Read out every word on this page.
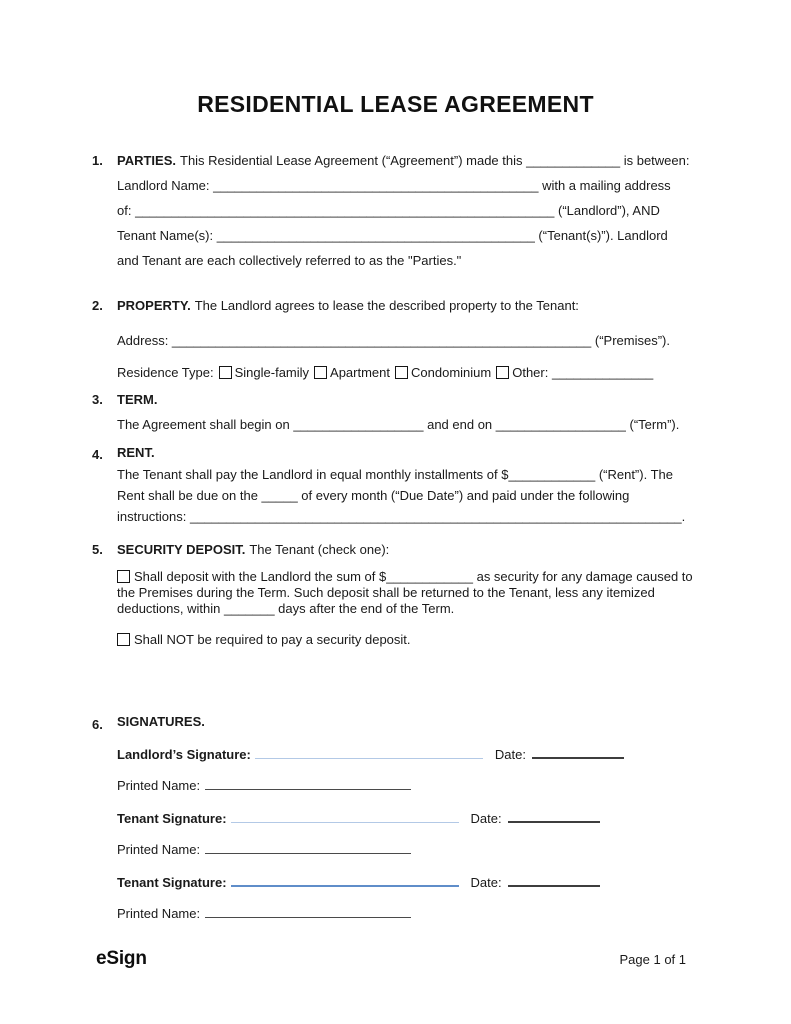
RESIDENTIAL LEASE AGREEMENT
1.	PARTIES. This Residential Lease Agreement (“Agreement”) made this _____________ is between:
Landlord Name: _____________________________________________ with a mailing address
of: __________________________________________________________ (“Landlord”), AND
Tenant Name(s): ____________________________________________ (“Tenant(s)”). Landlord
and Tenant are each collectively referred to as the "Parties."
2.	PROPERTY. The Landlord agrees to lease the described property to the Tenant:
Address: __________________________________________________________ (“Premises”).
Residence Type: Single-family Apartment Condominium Other: ______________
3.	TERM.
The Agreement shall begin on __________________ and end on __________________ (“Term”).
4.	RENT.
The Tenant shall pay the Landlord in equal monthly installments of $____________ (“Rent”). The
Rent shall be due on the _____ of every month (“Due Date”) and paid under the following
instructions: ____________________________________________________________________.
5.	SECURITY DEPOSIT. The Tenant (check one):
Shall deposit with the Landlord the sum of $____________ as security for any damage caused to the Premises during the Term. Such deposit shall be returned to the Tenant, less any itemized deductions, within _______ days after the end of the Term.
Shall NOT be required to pay a security deposit.
6.	SIGNATURES.
Landlord’s Signature:	Date:
Printed Name:
Tenant Signature:	Date:
Printed Name:
Tenant Signature:	Date:
Printed Name:
eSign	Page 1 of 1
